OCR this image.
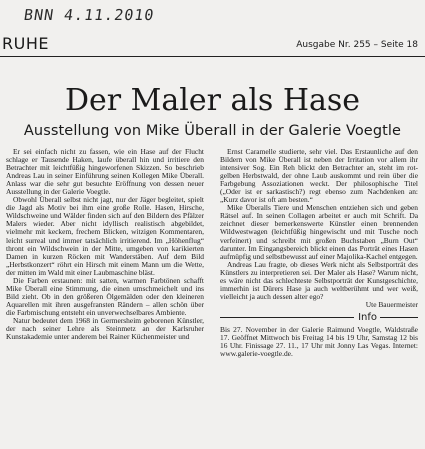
BNN 4.11.2010
RUHE	Ausgabe Nr. 255 – Seite 18
Der Maler als Hase
Ausstellung von Mike Überall in der Galerie Voegtle

Er sei einfach nicht zu fassen, wie ein Hase auf der Flucht schlage er Tausende Haken, laufe überall hin und irritiere den Betrachter mit leichtfüßig hingeworfenen Skizzen. So beschrieb Andreas Lau in seiner Einführung seinen Kollegen Mike Überall. Anlass war die sehr gut besuchte Eröffnung von dessen neuer Ausstellung in der Galerie Voegtle.

Obwohl Überall selbst nicht jagt, nur der Jäger begleitet, spielt die Jagd als Motiv bei ihm eine große Rolle. Hasen, Hirsche, Wildschweine und Wälder finden sich auf den Bildern des Pfälzer Malers wieder. Aber nicht idyllisch realistisch abgebildet, vielmehr mit keckem, frechem Blicken, witzigen Kommentaren, leicht surreal und immer tatsächlich irritierend. Im „Höhenflug“ thront ein Wildschwein in der Mitte, umgeben von karikierten Damen in kurzen Röcken mit Wanderstäben. Auf dem Bild „Herbstkonzert“ röhrt ein Hirsch mit einem Mann um die Wette, der mitten im Wald mit einer Laubmaschine bläst.

Die Farben erstaunen: mit satten, warmen Farbtönen schafft Mike Überall eine Stimmung, die einen umschmeichelt und ins Bild zieht. Ob in den größeren Ölgemälden oder den kleineren Aquarellen mit ihren ausgefransten Rändern – allen schön über die Farbmischung entsteht ein unverwechselbares Ambiente.

Natur bedeutet dem 1968 in Germersheim geborenen Künstler, der nach seiner Lehre als Steinmetz an der Karlsruher Kunstakademie unter anderem bei Rainer Küchenmeister und

Ernst Caramelle studierte, sehr viel. Das Erstaunliche auf den Bildern von Mike Überall ist neben der Irritation vor allem ihr intensiver Sog. Ein Reh blickt den Betrachter an, steht im rot-gelben Herbstwald, der ohne Laub auskommt und rein über die Farbgebung Assoziationen weckt. Der philosophische Titel („Oder ist er sarkastisch?) regt ebenso zum Nachdenken an: „Kurz davor ist oft am besten.“

Mike Überalls Tiere und Menschen entziehen sich und geben Rätsel auf. In seinen Collagen arbeitet er auch mit Schrift. Da zeichnet dieser bemerkenswerte Künstler einen brennenden Wildwestwagen (leichtfüßig hingewischt und mit Tusche noch verfeinert) und schreibt mit großen Buchstaben „Burn Out“ darunter. Im Eingangsbereich blickt einen das Porträt eines Hasen aufmüpfig und selbstbewusst auf einer Majolika-Kachel entgegen.

Andreas Lau fragte, ob dieses Werk nicht als Selbstporträt des Künstlers zu interpretieren sei. Der Maler als Hase? Warum nicht, es wäre nicht das schlechteste Selbstporträt der Kunstgeschichte, immerhin ist Dürers Hase ja auch weltberühmt und wer weiß, vielleicht ja auch dessen alter ego?

Ute Bauermeister

Info

Bis 27. November in der Galerie Raimund Voegtle, Waldstraße 17. Geöffnet Mittwoch bis Freitag 14 bis 19 Uhr, Samstag 12 bis 16 Uhr. Finissage 27. 11., 17 Uhr mit Jonny Las Vegas. Internet: www.galerie-voegtle.de.
